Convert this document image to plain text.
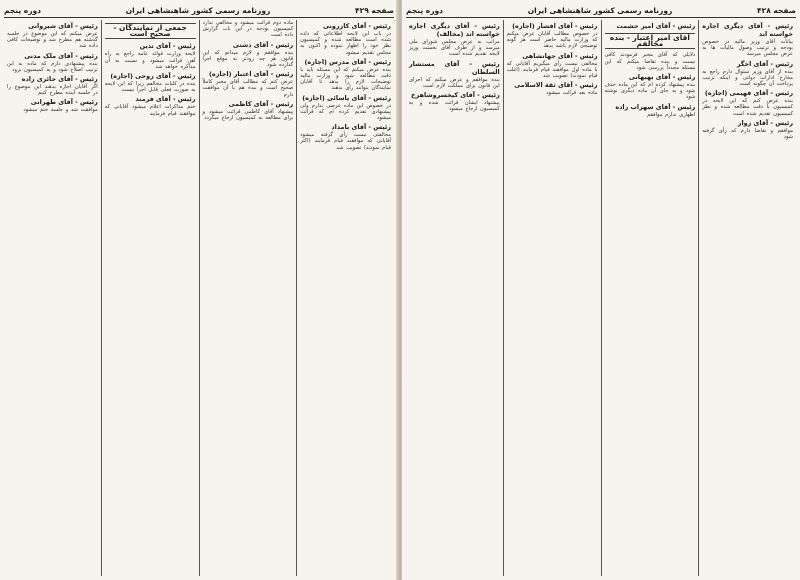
صفحه ۴۲۹
روزنامه رسمی کشور شاهنشاهی ایران
دوره پنجم
رئیس - آقای کازرونی

در باب این لایحه اطلاعاتی که داده شده است مطالعه شده و کمیسیون نظر خود را اظهار نموده و اکنون به مجلس تقدیم میشود

رئیس - آقای مدرس (اجازه)

بنده عرض میکنم که این مسئله باید با دقت مطالعه شود و وزارت مالیه توضیحات لازم را بدهد تا آقایان نمایندگان بتوانند رأی بدهند

رئیس - آقای یاسائی (اجازه)

در خصوص این ماده عرضی ندارم ولی پیشنهادی تقدیم کرده ام که قرائت میشود

رئیس - آقای بامداد

مخالفتی نیست رأی گرفته میشود آقایانی که موافقند قیام فرمایند (اکثر قیام نمودند) تصویب شد

ماده دوم قرائت میشود و مخالفی ندارد کمیسیون بودجه در این باب گزارش داده است

رئیس - آقای دشتی

بنده موافقم و لازم میدانم که این قانون هر چه زودتر به موقع اجرا گذارده شود

رئیس - آقای اعتبار (اجازه)

عرض کنم که مطالب آقای مخبر کاملاً صحیح است و بنده هم با آن موافقت دارم

رئیس - آقای کاظمی

پیشنهاد آقای کاظمی قرائت میشود و برای مطالعه به کمیسیون ارجاع میگردد

جمعی از نمایندگان - صحیح است
رئیس - آقای تدین

لایحه وزارت فوائد عامه راجع به راه آهن قرائت میشود و نسبت به آن مذاکره خواهد شد

رئیس - آقای روحی (اجازه)

بنده در کلیات مخالفم زیرا که این لایحه به صورت فعلی قابل اجرا نیست

رئیس - آقای فرمند

ختم مذاکرات اعلام میشود آقایانی که موافقند قیام فرمایند

رئیس - آقای شیروانی

عرض میکنم که این موضوع در جلسه گذشته هم مطرح شد و توضیحات کافی داده شد

رئیس - آقای ملک مدنی

بنده پیشنهادی دارم که ماده به این ترتیب اصلاح شود و به کمیسیون برود

رئیس - آقای حائری زاده

اگر آقایان اجازه بدهند این موضوع را در جلسه آینده مطرح کنیم

رئیس - آقای طهرانی

موافقت شد و جلسه ختم میشود

صفحه ۴۲۸
روزنامه رسمی کشور شاهنشاهی ایران
دوره پنجم
رئیس - آقای دیگری اجازه خواسته اند

بیانات آقای وزیر مالیه در خصوص بودجه و ترتیب وصول مالیات ها به عرض مجلس میرسد

رئیس - آقای اخگر

بنده از آقای وزیر سئوال دارم راجع به مخارج ادارات دولتی و اینکه ترتیب پرداخت آن چگونه است

رئیس - آقای فهیمی (اجازه)

بنده عرض کنم که این لایحه در کمیسیون با دقت مطالعه شده و نظر کمیسیون تقدیم شده است

رئیس - آقای زوار

موافقم و تقاضا دارم که رأی گرفته شود

رئیس - آقای امیر حشمت
آقای امیر اعتبار - بنده مخالفم

دلایلی که آقای مخبر فرمودند کافی نیست و بنده تقاضا میکنم که این مسئله مجدداً بررسی شود

رئیس - آقای بهبهانی

بنده پیشنهاد کرده ام که این ماده حذف شود و به جای آن ماده دیگری نوشته شود

رئیس - آقای سهراب زاده

اظهاری ندارم موافقم

رئیس - آقای افشار (اجازه)

در خصوص مطالب آقایان عرض میکنم که وزارت مالیه حاضر است هر گونه توضیحی لازم باشد بدهد

رئیس - آقای جهانشاهی

مخالفی نیست رأی میگیریم آقایانی که با ماده اول موافقند قیام فرمایند (اغلب قیام نمودند) تصویب شد

رئیس - آقای ثقة الاسلامی

ماده بعد قرائت میشود

رئیس - آقای دیگری اجازه خواسته اند (مخالف)

مراتب به عرض مجلس شورای ملی میرسد و از طرف آقای نخست وزیر لایحه تقدیم شده است

رئیس - آقای مستشار السلطان

بنده موافقم و عرض میکنم که اجرای این قانون برای مملکت لازم است

رئیس - آقای کیخسروشاهرخ

پیشنهاد ایشان قرائت شده و به کمیسیون ارجاع میشود
